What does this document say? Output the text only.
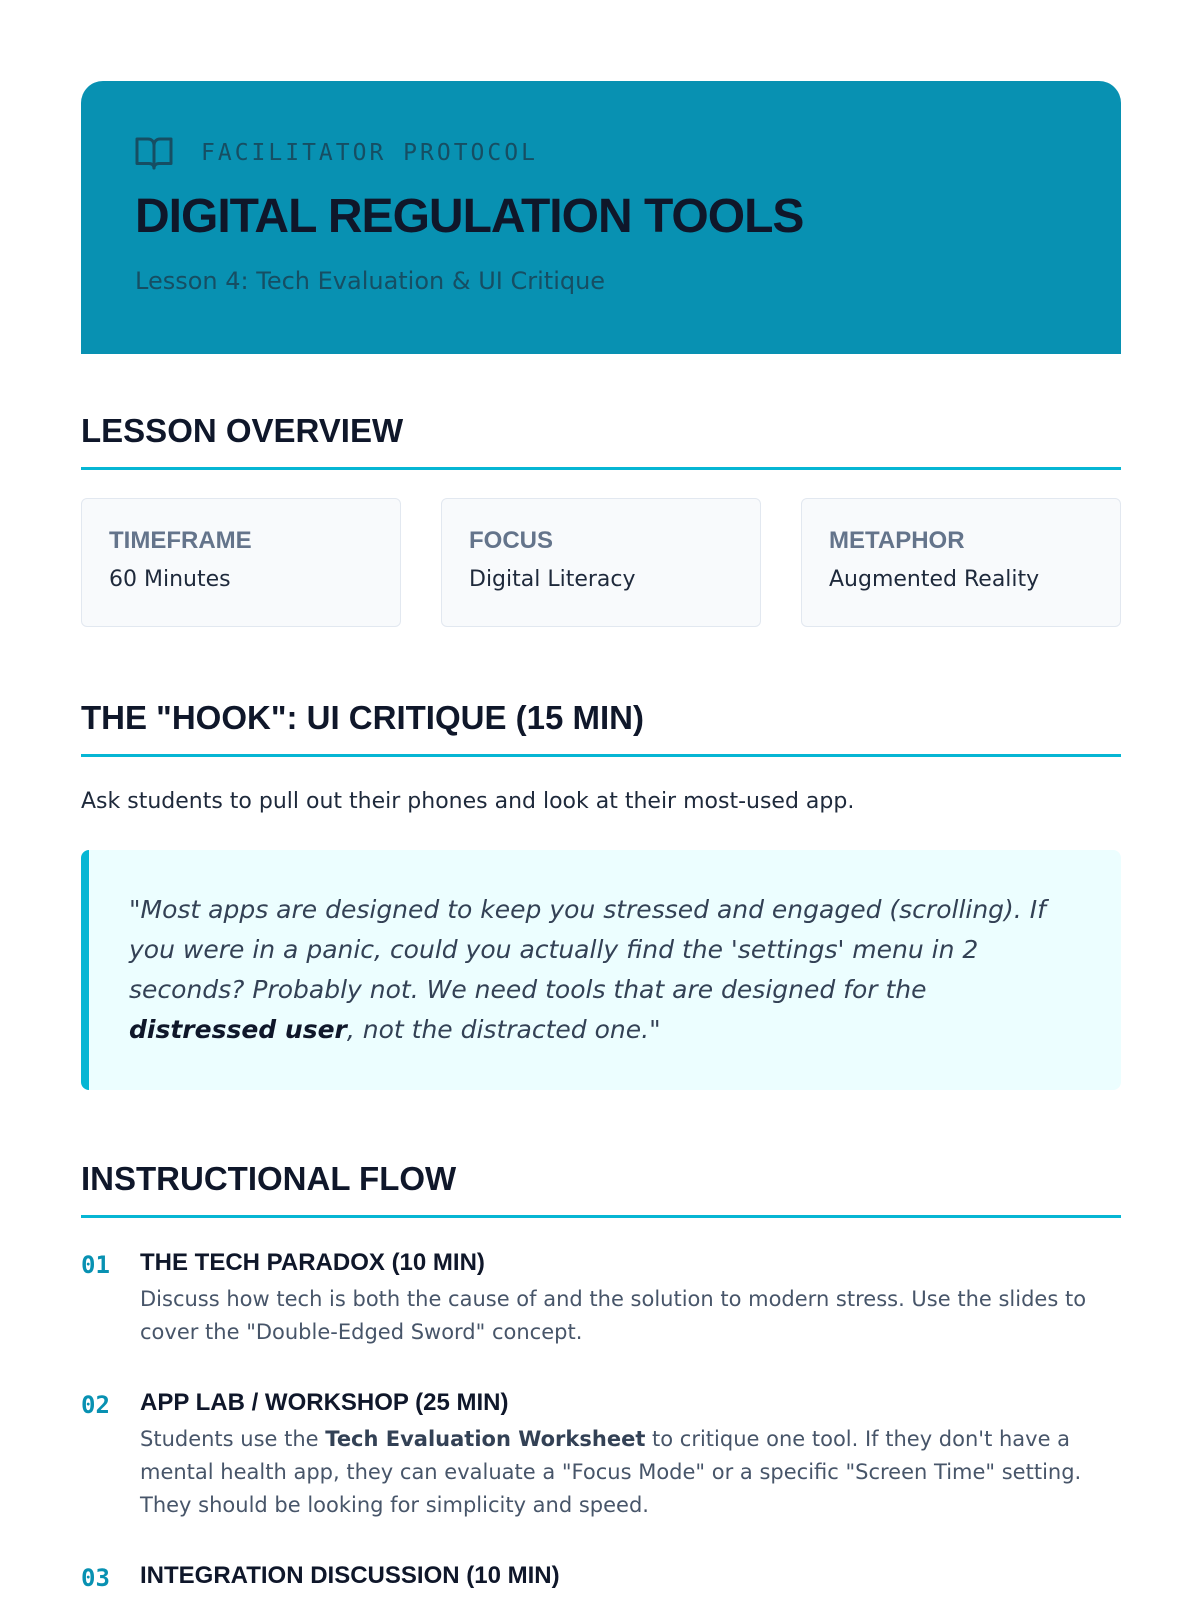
FACILITATOR PROTOCOL
DIGITAL REGULATION TOOLS

Lesson 4: Tech Evaluation & UI Critique

LESSON OVERVIEW
TIMEFRAME
60 Minutes
FOCUS
Digital Literacy
METAPHOR
Augmented Reality
THE "HOOK": UI CRITIQUE (15 MIN)

Ask students to pull out their phones and look at their most-used app.

"Most apps are designed to keep you stressed and engaged (scrolling). If you were in a panic, could you actually find the 'settings' menu in 2 seconds? Probably not. We need tools that are designed for the distressed user, not the distracted one."

INSTRUCTIONAL FLOW
01 THE TECH PARADOX (10 MIN)

Discuss how tech is both the cause of and the solution to modern stress. Use the slides to cover the "Double-Edged Sword" concept.

02 APP LAB / WORKSHOP (25 MIN)

Students use the Tech Evaluation Worksheet to critique one tool. If they don't have a mental health app, they can evaluate a "Focus Mode" or a specific "Screen Time" setting. They should be looking for simplicity and speed.

03 INTEGRATION DISCUSSION (10 MIN)
